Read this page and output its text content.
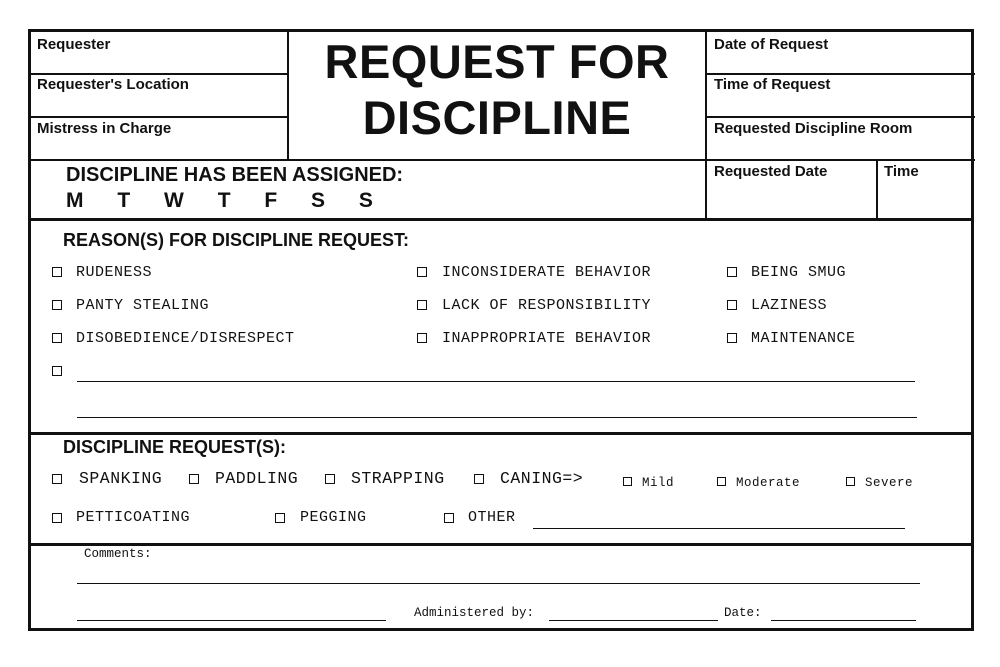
Requester
Requester's Location
Mistress in Charge
REQUEST FOR
DISCIPLINE
Date of Request
Time of Request
Requested Discipline Room
Requested Date	Time
DISCIPLINE HAS BEEN ASSIGNED:
M T W T F S S
REASON(S) FOR DISCIPLINE REQUEST:
RUDENESS
PANTY STEALING
DISOBEDIENCE/DISRESPECT
INCONSIDERATE BEHAVIOR
LACK OF RESPONSIBILITY
INAPPROPRIATE BEHAVIOR
BEING SMUG
LAZINESS
MAINTENANCE
DISCIPLINE REQUEST(S):
SPANKING	PADDLING	STRAPPING	CANING=>	Mild	Moderate	Severe
PETTICOATING	PEGGING	OTHER
Comments:
Administered by:	Date:
